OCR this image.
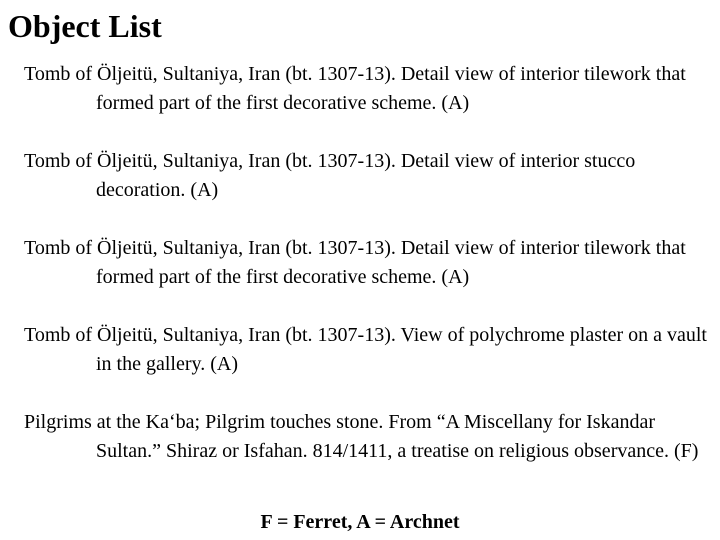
Object List

Tomb of Öljeitü, Sultaniya, Iran (bt. 1307-13). Detail view of interior tilework that formed part of the first decorative scheme. (A)

Tomb of Öljeitü, Sultaniya, Iran (bt. 1307-13). Detail view of interior stucco decoration. (A)

Tomb of Öljeitü, Sultaniya, Iran (bt. 1307-13). Detail view of interior tilework that formed part of the first decorative scheme. (A)

Tomb of Öljeitü, Sultaniya, Iran (bt. 1307-13). View of polychrome plaster on a vault in the gallery. (A)

Pilgrims at the Ka‘ba; Pilgrim touches stone. From “A Miscellany for Iskandar Sultan.” Shiraz or Isfahan. 814/1411, a treatise on religious observance. (F)

F = Ferret, A = Archnet
